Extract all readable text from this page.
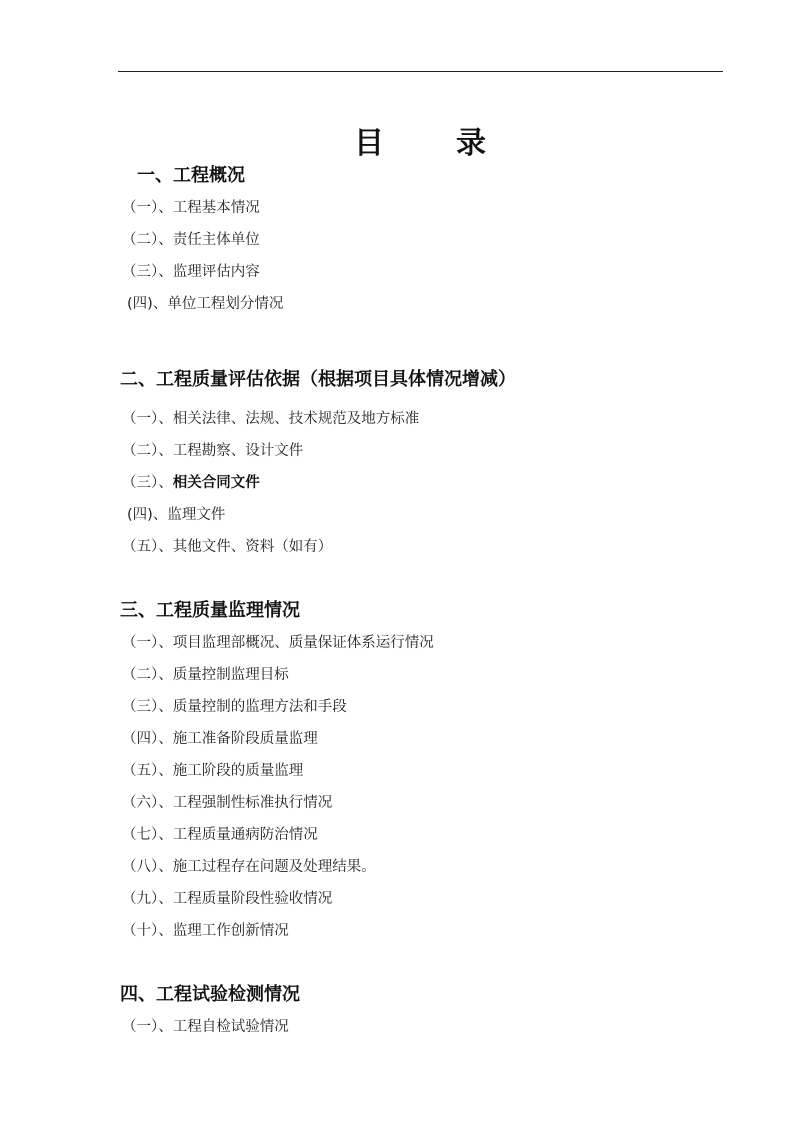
目 录
一、工程概况
（一）、工程基本情况
（二）、责任主体单位
（三）、监理评估内容
(四)、单位工程划分情况
二、工程质量评估依据（根据项目具体情况增减）
（一）、相关法律、法规、技术规范及地方标准
（二）、工程勘察、设计文件
（三）、相关合同文件
(四)、监理文件
（五）、其他文件、资料（如有）
三、工程质量监理情况
（一）、项目监理部概况、质量保证体系运行情况
（二）、质量控制监理目标
（三）、质量控制的监理方法和手段
（四）、施工准备阶段质量监理
（五）、施工阶段的质量监理
（六）、工程强制性标准执行情况
（七）、工程质量通病防治情况
（八）、施工过程存在问题及处理结果。
（九）、工程质量阶段性验收情况
（十）、监理工作创新情况
四、工程试验检测情况
（一）、工程自检试验情况
